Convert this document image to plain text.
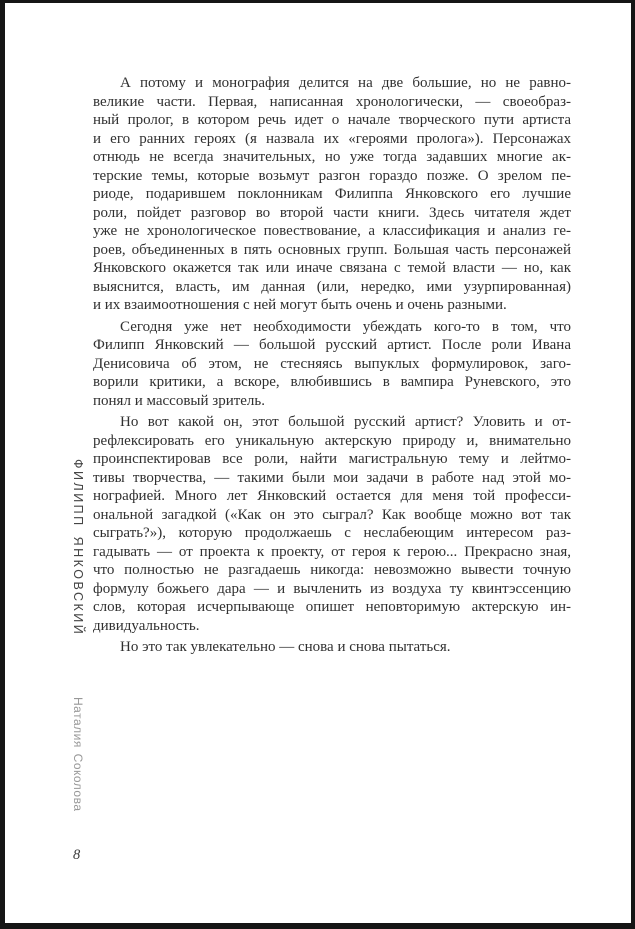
ФИЛИПП ЯНКОВСКИЙ
Наталия Соколова
8
А потому и монография делится на две большие, но не равно-
великие части. Первая, написанная хронологически, — своеобраз-
ный пролог, в котором речь идет о начале творческого пути артиста
и его ранних героях (я назвала их «героями пролога»). Персонажах
отнюдь не всегда значительных, но уже тогда задавших многие ак-
терские темы, которые возьмут разгон гораздо позже. О зрелом пе-
риоде, подарившем поклонникам Филиппа Янковского его лучшие
роли, пойдет разговор во второй части книги. Здесь читателя ждет
уже не хронологическое повествование, а классификация и анализ ге-
роев, объединенных в пять основных групп. Большая часть персонажей
Янковского окажется так или иначе связана с темой власти — но, как
выяснится, власть, им данная (или, нередко, ими узурпированная)
и их взаимоотношения с ней могут быть очень и очень разными.
Сегодня уже нет необходимости убеждать кого-то в том, что
Филипп Янковский — большой русский артист. После роли Ивана
Денисовича об этом, не стесняясь выпуклых формулировок, заго-
ворили критики, а вскоре, влюбившись в вампира Руневского, это
понял и массовый зритель.
Но вот какой он, этот большой русский артист? Уловить и от-
рефлексировать его уникальную актерскую природу и, внимательно
проинспектировав все роли, найти магистральную тему и лейтмо-
тивы творчества, — такими были мои задачи в работе над этой мо-
нографией. Много лет Янковский остается для меня той професси-
ональной загадкой («Как он это сыграл? Как вообще можно вот так
сыграть?»), которую продолжаешь с неслабеющим интересом раз-
гадывать — от проекта к проекту, от героя к герою... Прекрасно зная,
что полностью не разгадаешь никогда: невозможно вывести точную
формулу божьего дара — и вычленить из воздуха ту квинтэссенцию
слов, которая исчерпывающе опишет неповторимую актерскую ин-
дивидуальность.
Но это так увлекательно — снова и снова пытаться.
